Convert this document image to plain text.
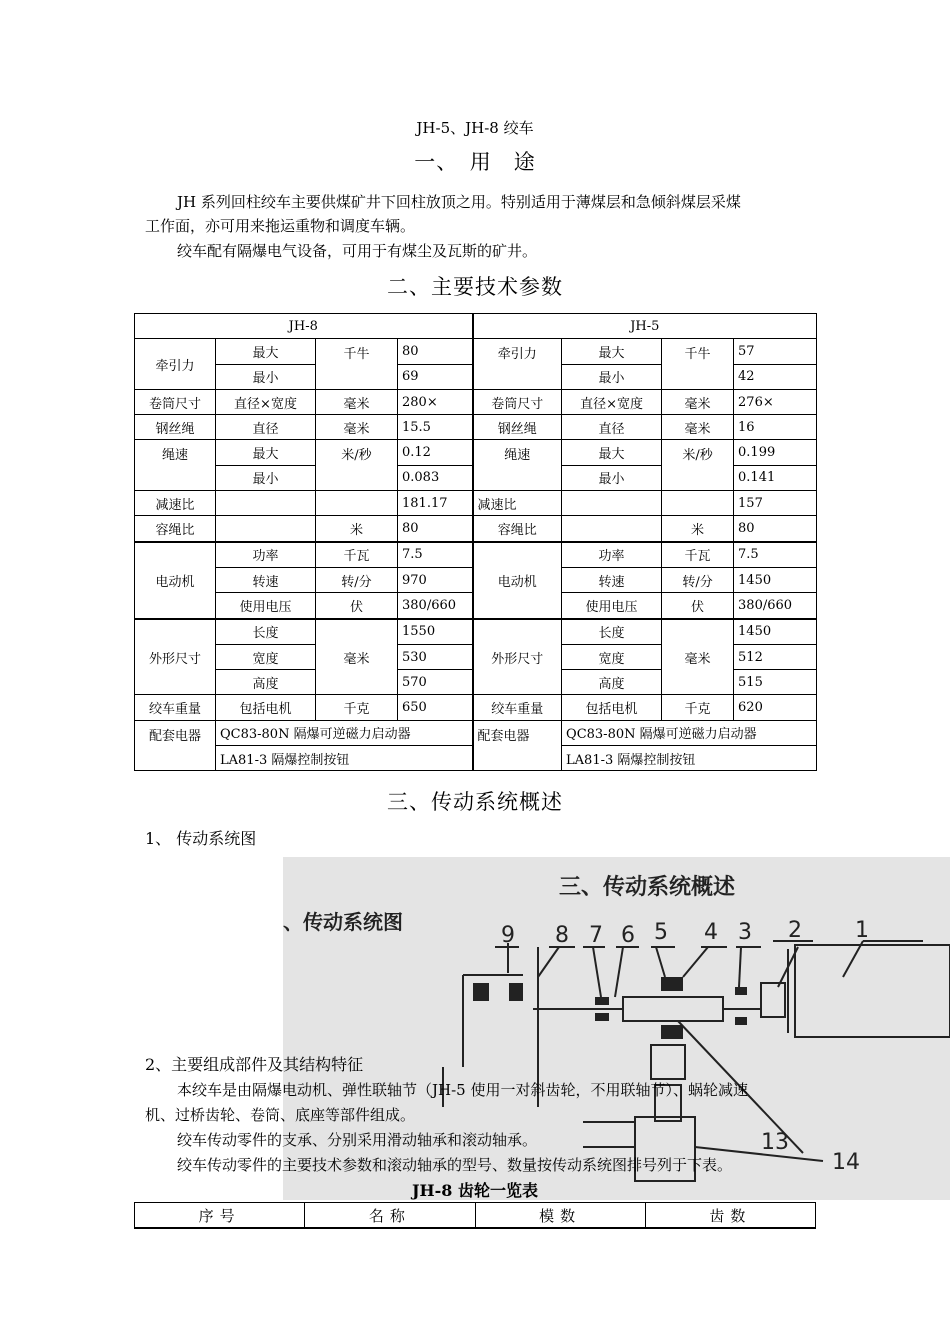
JH-5、JH-8 绞车
一、　用　途
JH 系列回柱绞车主要供煤矿井下回柱放顶之用。特别适用于薄煤层和急倾斜煤层采煤
工作面，亦可用来拖运重物和调度车辆。
绞车配有隔爆电气设备，可用于有煤尘及瓦斯的矿井。
二、主要技术参数
JH-8				JH-5			
牵引力	最大	千牛	80	牵引力	最大	千牛	57
	最小		69		最小		42
卷筒尺寸	直径×宽度	毫米	280×	卷筒尺寸	直径×宽度	毫米	276×
钢丝绳	直径	毫米	15.5	钢丝绳	直径	毫米	16
绳速	最大	米/秒	0.12	绳速	最大	米/秒	0.199
	最小		0.083		最小		0.141
减速比			181.17	减速比			157
容绳比		米	80	容绳比		米	80
电动机	功率	千瓦	7.5	电动机	功率	千瓦	7.5
	转速	转/分	970		转速	转/分	1450
	使用电压	伏	380/660		使用电压	伏	380/660
外形尺寸	长度	毫米	1550	外形尺寸	长度	毫米	1450
	宽度		530		宽度		512
	高度		570		高度		515
绞车重量	包括电机	千克	650	绞车重量	包括电机	千克	620
配套电器	QC83-80N 隔爆可逆磁力启动器			配套电器	QC83-80N 隔爆可逆磁力启动器		
	LA81-3 隔爆控制按钮				LA81-3 隔爆控制按钮		
三、传动系统概述
1、 传动系统图
三、传动系统概述
、传动系统图
9 8 7 6 5 4 3 2 1
14
13
2、主要组成部件及其结构特征
本绞车是由隔爆电动机、弹性联轴节（JH-5 使用一对斜齿轮，不用联轴节）、蜗轮减速
机、过桥齿轮、卷筒、底座等部件组成。
绞车传动零件的支承、分别采用滑动轴承和滚动轴承。
绞车传动零件的主要技术参数和滚动轴承的型号、数量按传动系统图排号列于下表。
JH-8 齿轮一览表
序号	名称	模数	齿数
